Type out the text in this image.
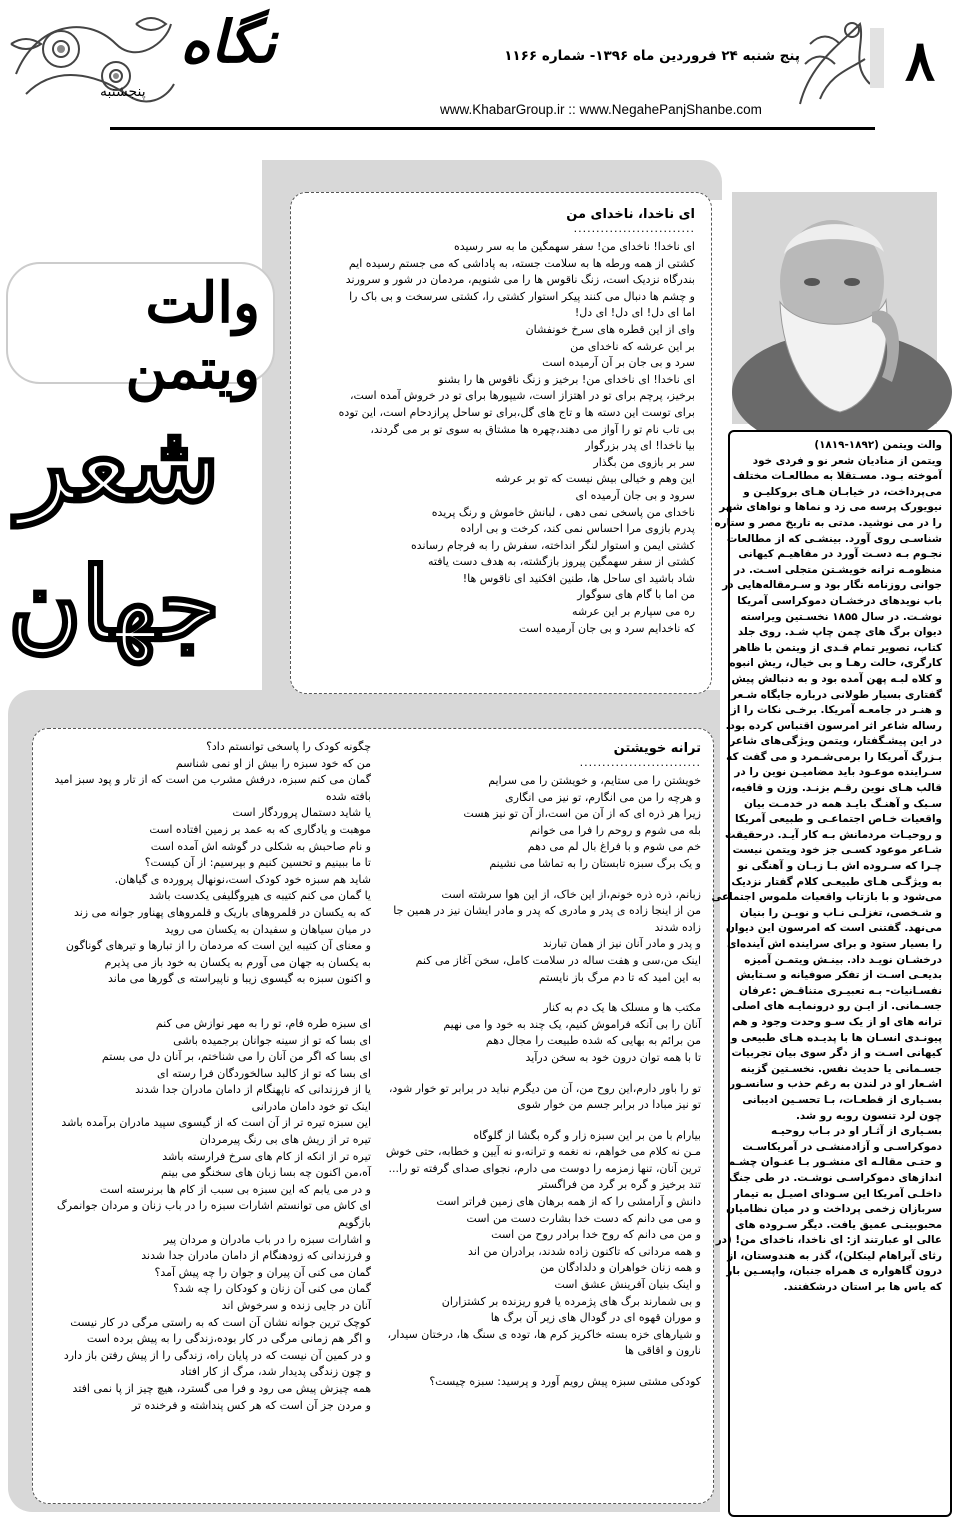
نگاه
پنجشنبه
پنج شنبه ۲۴ فروردین ماه ۱۳۹۶- شماره ۱۱۶۶
www.KhabarGroup.ir :: www.NegahePanjShanbe.com
۸
والت ویتمن
شعر
جهان

ای ناخدا، ناخدای من

...........................

ای ناخدا! ناخدای من! سفر سهمگین ما به سر رسیده
کشتی از همه ورطه ها به سلامت جسته، به پاداشی که می جستم رسیده ایم
بندرگاه نزدیک است، زنگ ناقوس ها را می شنویم، مردمان در شور و سرورند
و چشم ها دنبال می کنند پیکر استوار کشتی را، کشتی سرسخت و بی باک را
اما ای دل! ای دل! ای دل!
وای از این قطره های سرخ خونفشان
بر این عرشه که ناخدای من
سرد و بی جان بر آن آرمیده است
ای ناخدا! ای ناخدای من! برخیز و زنگ ناقوس ها را بشنو
برخیز، پرچم برای تو در اهتزاز است، شیپورها برای تو در خروش آمده است،
برای توست این دسته ها و تاج های گل،برای تو ساحل پرازدحام است، این توده
بی تاب نام تو را آواز می دهند،چهره ها مشتاق به سوی تو بر می گردند،
بیا ناخدا! ای پدر بزرگوار
سر بر بازوی من بگذار
این وهم و خیالی بیش نیست که تو بر عرشه
سرود و بی جان آرمیده ای
ناخدای من پاسخی نمی دهی ، لبانش خاموش و رنگ پریده
پدرم بازوی مرا احساس نمی کند، کرخت و بی اراده
کشتی ایمن و استوار لنگر انداخته، سفرش را به فرجام رسانده
کشتی از سفر سهمگین پیروز بازگشته، به هدف دست یافته
شاد باشید ای ساحل ها، طنین افکنید ای ناقوس ها!
من اما با گام های سوگوار
ره می سپارم بر این عرشه
که ناخدایم سرد و بی جان آرمیده است

ترانه خویشتن

...........................

خویشتن را می ستایم، و خویشتن را می سرایم
و هرچه را من می انگارم، تو نیز می انگاری
زیرا هر ذره ای که از آن من است،از آن تو نیز هست
بله می شوم و روحم را فرا می خوانم
خم می شوم و با فراغ بال لم می دهم
و یک برگ سبزه تابستان را به تماشا می نشینم
زبانم، ذره ذره خونم،از این خاک، از این هوا سرشته است
من از اینجا زاده ی پدر و مادری که پدر و مادر ایشان نیز در همین جا
زاده شدند
و پدر و مادر آنان نیز از همان تبارند
اینک من،سی و هفت ساله در سلامت کامل، سخن آغاز می کنم
به این امید که تا دم مرگ باز نایستم
مکتب ها و مسلک ها یک دم به کنار
آنان را بی آنکه فراموش کنیم، یک چند به خود وا می نهیم
من برائم به بهایی که شده طبیعت را مجال دهم
تا با همه توان درون خود به سخن درآید
تو را باور دارم،این روح من، آن من دیگرم نباید در برابر تو خوار شود،
تو نیز مبادا در برابر جسم من خوار شوی
بیارام با من بر این سبزه زار و گره بگشا از گلوگاه
مـن نه کلام می خواهم، نه نغمه و ترانه،و نه آیین و خطابه، حتی خوش
ترین آنان، تنها زمزمه را دوست می دارم، نجوای صدای گرفته تو را...
تند برخیز و گره بر گرد من فراگستر
دانش و آرامشی را که از همه برهان های زمین فراتر است
و می می دانم که دست خدا بشارت دست من است
و من می دانم که روح خدا برادر روح من است
و همه مردانی که تاکنون زاده شدند، برادران من اند
و همه زنان خواهران و دلدادگان من
و اینک بنیان آفرینش عشق است
و بی شمارند برگ های پژمرده یا فرو ریزنده بر کشتزاران
و موران قهوه ای در گودال های زیر آن برگ ها
و شیارهای خزه بسته خاکریز کرم ها، توده ی سنگ ها، درختان سیدار،
نارون و اقاقی ها
کودکی مشتی سبزه پیش رویم آورد و پرسید: سبزه چیست؟
چگونه کودک را پاسخی توانستم داد؟
من که خود سبزه را بیش از او نمی شناسم
گمان می کنم سبزه، درفش مشرب من است که از تار و پود سبز امید
بافته شده
یا شاید دستمال پروردگار است
موهبت و یادگاری که به عمد بر زمین افتاده است
و نام صاحبش به شکلی در گوشه اش آمده است
تا ما ببینیم و تحسین کنیم و بپرسیم: از آن کیست؟
شاید هم سبزه خود کودک است،نونهال پرورده ی گیاهان.
یا گمان می کنم کتیبه ی هیروگلیفی یکدست باشد
که به یکسان در قلمروهای باریک و قلمروهای پهناور جوانه می زند
در میان سیاهان و سفیدان به یکسان می روید
و معنای آن کتیبه این است که مردمان را از تبارها و تیرهای گوناگون
به یکسان به جهان می آورم به یکسان به خود باز می پذیرم
و اکنون سبزه به گیسوی زیبا و ناپیراسته ی گورها می ماند
ای سبزه طره فام، تو را به مهر نوازش می کنم
ای بسا که تو از سینه جوانان برجمیده باشی
ای بسا که اگر من آنان را می شناختم، بر آنان دل می بستم
ای بسا که تو از کالبد سالخوردگان فرا رسته ای
یا از فرزندانی که ناپهنگام از دامان مادران جدا شدند
اینک تو خود دامان مادرانی
این سبزه تیره تر از آن است که از گیسوی سپید مادران برآمده باشد
تیره تر از ریش های بی رنگ پیرمردان
تیره تر از انکه از کام های سرخ فرارسته باشد
آه،من اکنون چه بسا زبان های سخنگو می بینم
و در می یابم که این سبزه بی سبب از کام ها برنرسته است
ای کاش می توانستم اشارات سبزه را در باب زنان و مردان جوانمرگ
بازگویم
و اشارات سبزه را در باب مادران و مردان پیر
و فرزندانی که زودهنگام از دامان مادران جدا شدند
گمان می کنی آن پیران و جوان را چه پیش آمد؟
گمان می کنی آن زنان و کودکان را چه شد؟
آنان در جایی زنده و سرخوش اند
کوچک ترین جوانه نشان آن است که به راستی مرگی در کار نیست
و اگر هم زمانی مرگی در کار بوده،زندگی را به پیش برده است
و در کمین آن نیست که در پایان راه، زندگی را از پیش رفتن باز دارد
و چون زندگی پدیدار شد، مرگ از کار افتاد
همه چیزش پیش می رود و فرا می گسترد، هیچ چیز از پا نمی افتد
و مردن جز آن است که هر کس پنداشته و فرخنده تر
والت ویتمن (۱۸۹۲-۱۸۱۹)
ویتمن از منادیان شعر نو و فردی خود
آموخته بـود. مسـتقلا به مطالعـات مختلف
می‌پرداخت، در خیابـان هـای بروکلیـن و
نیویورک پرسه می زد و نماها و نواهای شهر
را در می نوشید. مدتی به تاریخ مصر و ستاره
شناسـی روی آورد. بینشـی که از مطالعات
نجـوم بـه دسـت آورد در مفاهیـم کیهانی
منظومـه ترانه خویشـتن متجلی اسـت. در
جوانی روزنامه نگار بود و سـرمقاله‌هایی در
باب نویدهای درخشـان دموکراسی آمریکا
نوشـت. در سال ۱۸۵۵ نخسـتین ویراسته
دیوان برگ های چمن چاپ شـد. روی جلد
کتاب، تصویر تمام قـدی از ویتمن با ظاهر
کارگری، حالت رهـا و بی خیال، ریش انبوه
و کلاه لبـه پهن آمده بود و به دنبالش پیش
گفتاری بسیار طولانی درباره جایگاه شـعر
و هنـر در جامعـه آمریکا. برخـی نکات را از
رساله شاعر اثر امرسون اقتباس کرده بود.
در این پیشـگفتار، ویتمن ویژگی‌های شاعر
بـزرگ آمریکا را برمی‌شـمرد و می گفت که
سـراینده موعـود باید مضامیـن نوین را در
قالب هـای نوین رقـم بزنـد. وزن و قافیه،
سـبک و آهنـگ بایـد همه در خدمـت بیان
واقعیات خـاص اجتماعـی و طبیعی آمریکا
و روحیـات مردمانش بـه کار آیـد. درحقیقت
شـاعر موعود کسـی جز خود ویتمن نیست
چـرا که سـروده اش بـا زبـان و آهنگی نو
به ویژگـی هـای طبیعـی کلام گفتار نزدیک
می‌شود و با بازتاب واقعیات ملموس اجتماعی
و شـخصی، تغزلـی نـاب و نویـن را بنیان
می‌نهد. گفتنی است که امرسون این دیوان
را بسیار ستود و برای سراینده اش آینده‌ای
درخشـان نویـد داد. بینـش ویتمـن آمیزه
بدیعـی اسـت از تفکر صوفیانه و سـتایش
نفسـانیات- بـه تعبیـری متناقـض :عرفان
جسـمانی. از ایـن رو درونمایـه های اصلی
ترانه های او از یک سـو وحدت وجود و هم
پیونـدی انسـان ها با پدیـده هـای طبیعی و
کیهانی اسـت و از دگر سوی بیان تجربیات
جسـمانی یا حدیث نفس. نخسـتین گزینه
اشـعار او در لندن به رغم حذب و سانسـور
بسـیاری از قطعـات، بـا تحسـین ادیبانی
چون لرد تنسون روبه رو شد.
بسـیاری از آثـار او در بـاب روحیـه
دموکراسـی و آزادمنشـی در آمریکاسـت
و حتـی مقالـه ای منشـور بـا عنـوان چشـم
اندازهای دموکراسـی نوشـت. در طی جنگ
داخلـی آمریکا این سـودای اصیـل به تیمار
سربازان زخمی پرداخت و در میان نظامیان
محبوبیتـی عمیق یافت. دیگر سـروده های
عالی او عبارتند از: ای ناخدا، ناخدای من! (در
رثای آبراهام لینکلن)، گذر به هندوستان، از
درون گاهواره ی همراه جنبان، واپسـین بار
که یاس ها بر استان درشکفتند.
